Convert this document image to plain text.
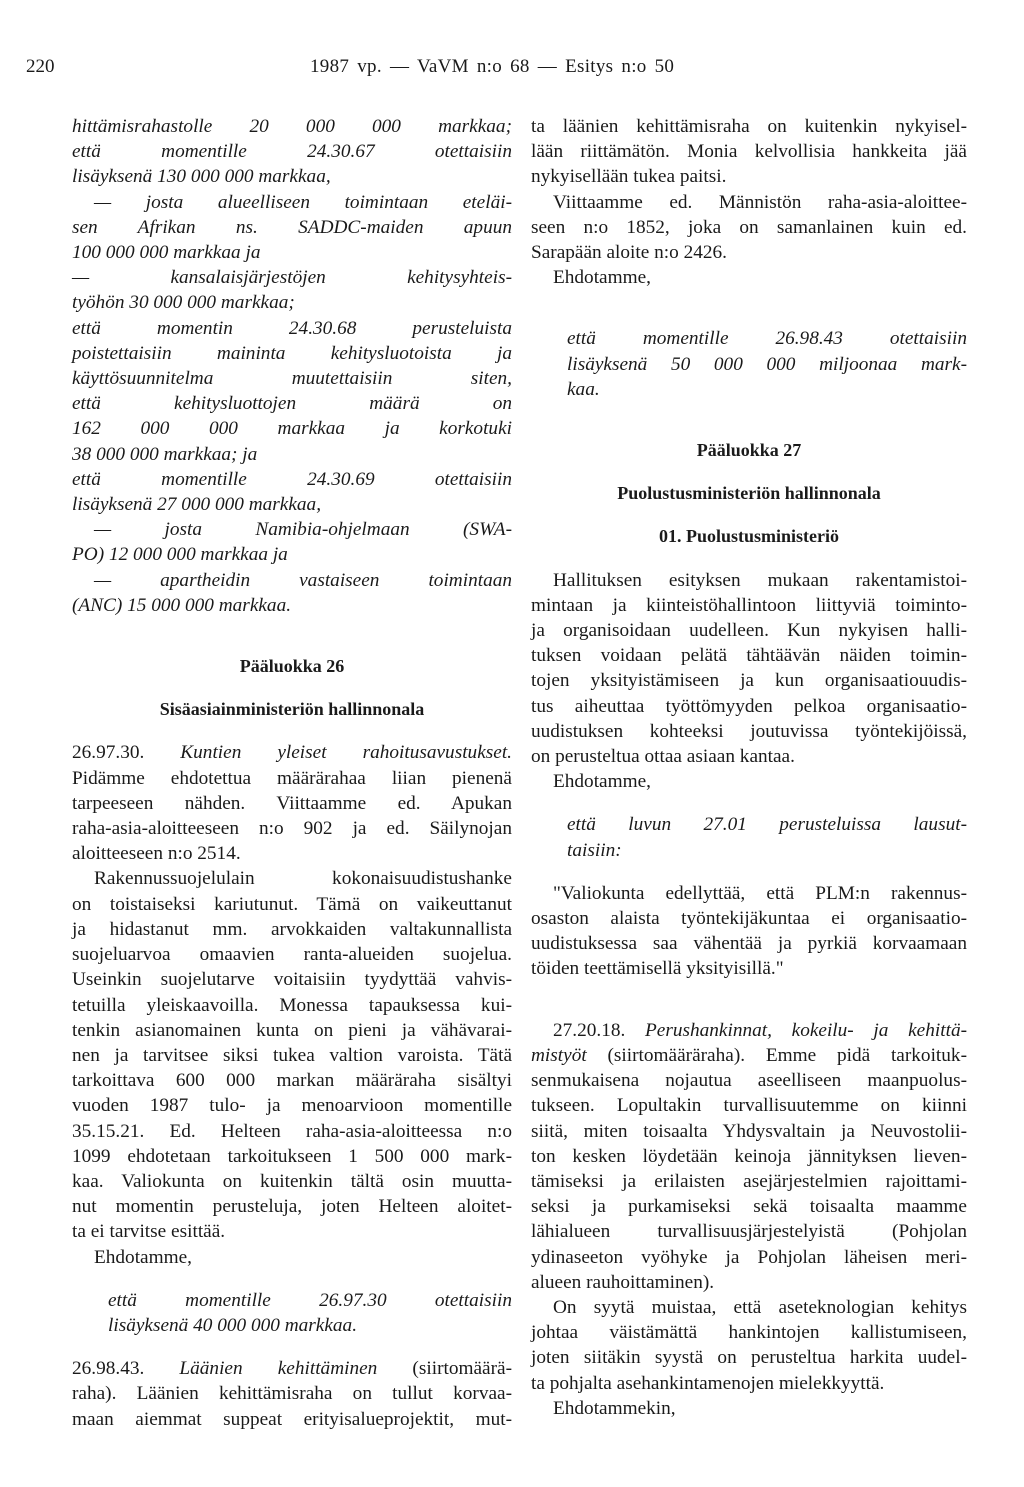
220	1987 vp. — VaVM n:o 68 — Esitys n:o 50
hittämisrahastolle 20 000 000 markkaa;
että momentille 24.30.67 otettaisiin
lisäyksenä 130 000 000 markkaa,
— josta alueelliseen toimintaan eteläi-
sen Afrikan ns. SADDC-maiden apuun
100 000 000 markkaa ja
— kansalaisjärjestöjen kehitysyhteis-
työhön 30 000 000 markkaa;
että momentin 24.30.68 perusteluista
poistettaisiin maininta kehitysluotoista ja
käyttösuunnitelma muutettaisiin siten,
että kehitysluottojen määrä on
162 000 000 markkaa ja korkotuki
38 000 000 markkaa; ja
että momentille 24.30.69 otettaisiin
lisäyksenä 27 000 000 markkaa,
— josta Namibia-ohjelmaan (SWA-
PO) 12 000 000 markkaa ja
— apartheidin vastaiseen toimintaan
(ANC) 15 000 000 markkaa.
Pääluokka 26
Sisäasiainministeriön hallinnonala
26.97.30. Kuntien yleiset rahoitusavustukset.
Pidämme ehdotettua määrärahaa liian pienenä
tarpeeseen nähden. Viittaamme ed. Apukan
raha-asia-aloitteeseen n:o 902 ja ed. Säilynojan
aloitteeseen n:o 2514.
Rakennussuojelulain kokonaisuudistushanke
on toistaiseksi kariutunut. Tämä on vaikeuttanut
ja hidastanut mm. arvokkaiden valtakunnallista
suojeluarvoa omaavien ranta-alueiden suojelua.
Useinkin suojelutarve voitaisiin tyydyttää vahvis-
tetuilla yleiskaavoilla. Monessa tapauksessa kui-
tenkin asianomainen kunta on pieni ja vähävarai-
nen ja tarvitsee siksi tukea valtion varoista. Tätä
tarkoittava 600 000 markan määräraha sisältyi
vuoden 1987 tulo- ja menoarvioon momentille
35.15.21. Ed. Helteen raha-asia-aloitteessa n:o
1099 ehdotetaan tarkoitukseen 1 500 000 mark-
kaa. Valiokunta on kuitenkin tältä osin muutta-
nut momentin perusteluja, joten Helteen aloitet-
ta ei tarvitse esittää.
Ehdotamme,
että momentille 26.97.30 otettaisiin
lisäyksenä 40 000 000 markkaa.
26.98.43. Läänien kehittäminen (siirtomäärä-
raha). Läänien kehittämisraha on tullut korvaa-
maan aiemmat suppeat erityisalueprojektit, mut-
ta läänien kehittämisraha on kuitenkin nykyisel-
lään riittämätön. Monia kelvollisia hankkeita jää
nykyisellään tukea paitsi.
Viittaamme ed. Männistön raha-asia-aloittee-
seen n:o 1852, joka on samanlainen kuin ed.
Sarapään aloite n:o 2426.
Ehdotamme,
että momentille 26.98.43 otettaisiin
lisäyksenä 50 000 000 miljoonaa mark-
kaa.
Pääluokka 27
Puolustusministeriön hallinnonala
01. Puolustusministeriö
Hallituksen esityksen mukaan rakentamistoi-
mintaan ja kiinteistöhallintoon liittyviä toiminto-
ja organisoidaan uudelleen. Kun nykyisen halli-
tuksen voidaan pelätä tähtäävän näiden toimin-
tojen yksityistämiseen ja kun organisaatiouudis-
tus aiheuttaa työttömyyden pelkoa organisaatio-
uudistuksen kohteeksi joutuvissa työntekijöissä,
on perusteltua ottaa asiaan kantaa.
Ehdotamme,
että luvun 27.01 perusteluissa lausut-
taisiin:
"Valiokunta edellyttää, että PLM:n rakennus-
osaston alaista työntekijäkuntaa ei organisaatio-
uudistuksessa saa vähentää ja pyrkiä korvaamaan
töiden teettämisellä yksityisillä."
27.20.18. Perushankinnat, kokeilu- ja kehittä-
mistyöt (siirtomääräraha). Emme pidä tarkoituk-
senmukaisena nojautua aseelliseen maanpuolus-
tukseen. Lopultakin turvallisuutemme on kiinni
siitä, miten toisaalta Yhdysvaltain ja Neuvostolii-
ton kesken löydetään keinoja jännityksen lieven-
tämiseksi ja erilaisten asejärjestelmien rajoittami-
seksi ja purkamiseksi sekä toisaalta maamme
lähialueen turvallisuusjärjestelyistä (Pohjolan
ydinaseeton vyöhyke ja Pohjolan läheisen meri-
alueen rauhoittaminen).
On syytä muistaa, että aseteknologian kehitys
johtaa väistämättä hankintojen kallistumiseen,
joten siitäkin syystä on perusteltua harkita uudel-
ta pohjalta asehankintamenojen mielekkyyttä.
Ehdotammekin,
